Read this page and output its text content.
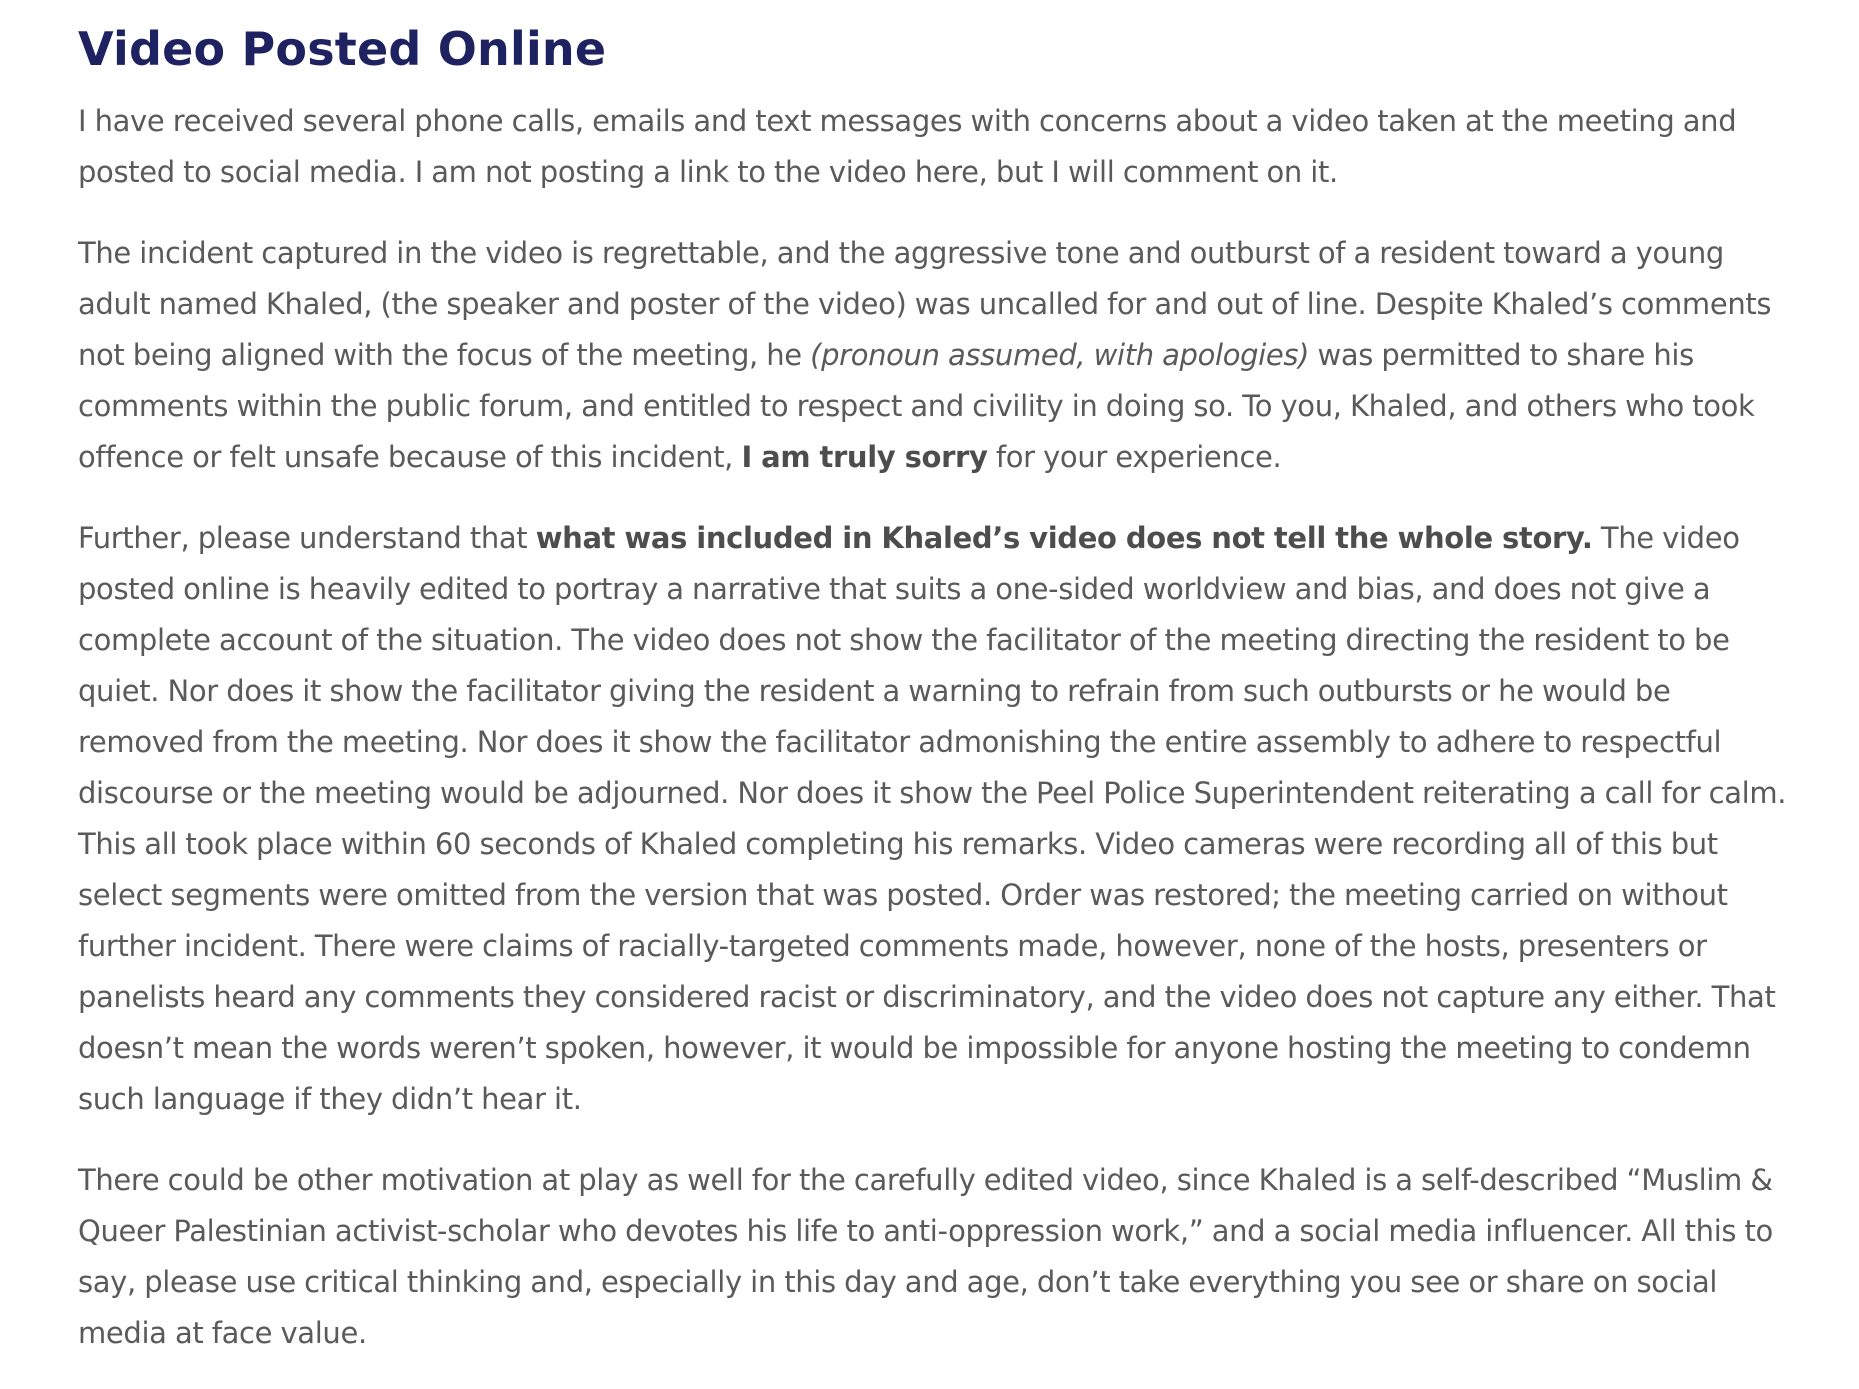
Video Posted Online

I have received several phone calls, emails and text messages with concerns about a video taken at the meeting and posted to social media. I am not posting a link to the video here, but I will comment on it.

The incident captured in the video is regrettable, and the aggressive tone and outburst of a resident toward a young adult named Khaled, (the speaker and poster of the video) was uncalled for and out of line. Despite Khaled’s comments not being aligned with the focus of the meeting, he (pronoun assumed, with apologies) was permitted to share his comments within the public forum, and entitled to respect and civility in doing so. To you, Khaled, and others who took offence or felt unsafe because of this incident, I am truly sorry for your experience.

Further, please understand that what was included in Khaled’s video does not tell the whole story. The video posted online is heavily edited to portray a narrative that suits a one-sided worldview and bias, and does not give a complete account of the situation. The video does not show the facilitator of the meeting directing the resident to be quiet. Nor does it show the facilitator giving the resident a warning to refrain from such outbursts or he would be removed from the meeting. Nor does it show the facilitator admonishing the entire assembly to adhere to respectful discourse or the meeting would be adjourned. Nor does it show the Peel Police Superintendent reiterating a call for calm. This all took place within 60 seconds of Khaled completing his remarks. Video cameras were recording all of this but select segments were omitted from the version that was posted. Order was restored; the meeting carried on without further incident. There were claims of racially-targeted comments made, however, none of the hosts, presenters or panelists heard any comments they considered racist or discriminatory, and the video does not capture any either. That doesn’t mean the words weren’t spoken, however, it would be impossible for anyone hosting the meeting to condemn such language if they didn’t hear it.

There could be other motivation at play as well for the carefully edited video, since Khaled is a self-described “Muslim & Queer Palestinian activist-scholar who devotes his life to anti-oppression work,” and a social media influencer. All this to say, please use critical thinking and, especially in this day and age, don’t take everything you see or share on social media at face value.
